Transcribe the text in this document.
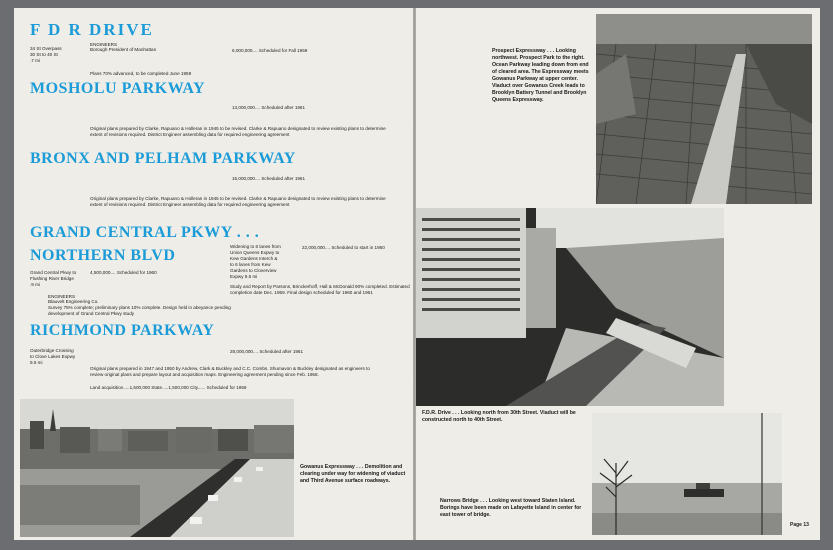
F D R DRIVE
34 St Overpass
30 St to 40 St
.7 mi
ENGINEERS
Borough President of Manhattan	6,000,000.... Scheduled for Fall 1959
Plans 70% advanced, to be completed June 1959
MOSHOLU PARKWAY
13,000,000.... Scheduled after 1961
Original plans prepared by Clarke, Rapuano & Holleran in 1945 to be revised. Clarke & Rapuano designated to review existing plans to determine extent of revisions required. District Engineer assembling data for required engineering agreement
BRONX AND PELHAM PARKWAY
15,000,000.... Scheduled after 1961
Original plans prepared by Clarke, Rapuano & Holleran in 1945 to be revised. Clarke & Rapuano designated to review existing plans to determine extent of revisions required. District Engineer assembling data for required engineering agreement
GRAND CENTRAL PKWY . . .
NORTHERN BLVD
Grand Central Pkwy to
Flushing River Bridge
.9 mi
4,500,000.... Scheduled for 1960
ENGINEERS
Blauvelt Engineering Co.
Survey 75% complete; preliminary plans 10% complete. Design held in abeyance pending development of Grand Central Pkwy study
Widening to 6 lanes from
Union Queens Expwy to
Kew Gardens Interch &
to 6 lanes from Kew
Gardens to Cloverview
Expwy 9.5 mi
22,000,000.... Scheduled to start in 1960
Study and Report by Parsons, Brinckerhoff, Hall & McDonald 90% completed. Estimated completion date Dec. 1959. Final design scheduled for 1960 and 1961
RICHMOND PARKWAY
Outerbridge Crossing
to Clove Lakes Expwy
9.5 mi
28,000,000.... Scheduled after 1961
Original plans prepared in 1947 and 1950 by Andrew, Clark & Buckley and C.C. Combs. Shumavon & Buckley designated as engineers to review original plans and prepare layout and acquisition maps. Engineering agreement pending since Feb. 1958.
Land acquisition.....1,500,000 State.....1,500,000 City...... Scheduled for 1959
Gowanus Expressway . . . Demolition and clearing under way for widening of viaduct and Third Avenue surface roadways.
Prospect Expressway . . . Looking northwest. Prospect Park to the right. Ocean Parkway leading down from end of cleared area. The Expressway meets Gowanus Parkway at upper center. Viaduct over Gowanus Creek leads to Brooklyn Battery Tunnel and Brooklyn Queens Expressway.
F.D.R. Drive . . . Looking north from 30th Street. Viaduct will be constructed north to 40th Street.
Narrows Bridge . . . Looking west toward Staten Island. Borings have been made on Lafayette Island in center for east tower of bridge.
Page 13
